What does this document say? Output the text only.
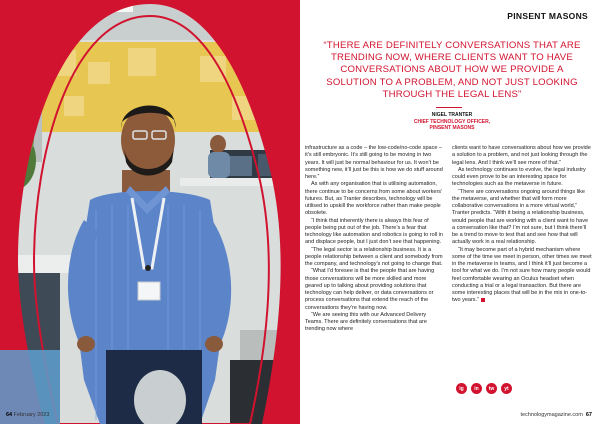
64 February 2023
PINSENT MASONS
“THERE ARE DEFINITELY CONVERSATIONS THAT ARE TRENDING NOW, WHERE CLIENTS WANT TO HAVE CONVERSATIONS ABOUT HOW WE PROVIDE A SOLUTION TO A PROBLEM, AND NOT JUST LOOKING THROUGH THE LEGAL LENS”
NIGEL TRANTER
CHIEF TECHNOLOGY OFFICER,
PINSENT MASONS

infrastructure as a code – the low-code/no-code space – it’s still embryonic. It’s still going to be moving in two years. It will just be normal behaviour for us. It won’t be something new, it’ll just be this is how we do stuff around here.”

As with any organisation that is utilising automation, there continue to be concerns from some about workers’ futures. But, as Tranter describes, technology will be utilised to upskill the workforce rather than make people obsolete.

“I think that inherently there is always this fear of people being put out of the job. There’s a fear that technology like automation and robotics is going to roll in and displace people, but I just don’t see that happening.

“The legal sector is a relationship business. It is a people relationship between a client and somebody from the company, and technology’s not going to change that.

“What I’d foresee is that the people that are having those conversations will be more skilled and more geared up to talking about providing solutions that technology can help deliver, or data conversations or process conversations that extend the reach of the conversations they’re having now.

“We are seeing this with our Advanced Delivery Teams. There are definitely conversations that are trending now where

clients want to have conversations about how we provide a solution to a problem, and not just looking through the legal lens. And I think we’ll see more of that.”

As technology continues to evolve, the legal industry could even prove to be an interesting space for technologies such as the metaverse in future.

“There are conversations ongoing around things like the metaverse, and whether that will form more collaborative conversations in a more virtual world,” Tranter predicts. “With it being a relationship business, would people that are working with a client want to have a conversation like that? I’m not sure, but I think there’ll be a trend to move to test that and see how that will actually work in a real relationship.

“It may become part of a hybrid mechanism where some of the time we meet in person, other times we meet in the metaverse in teams, and I think it’ll just become a tool for what we do. I’m not sure how many people would feel comfortable wearing an Oculus headset when conducting a trial or a legal transaction. But there are some interesting places that will be in the mix in one-to-two years.”

ig	in	tw	yt
technologymagazine.com 67
